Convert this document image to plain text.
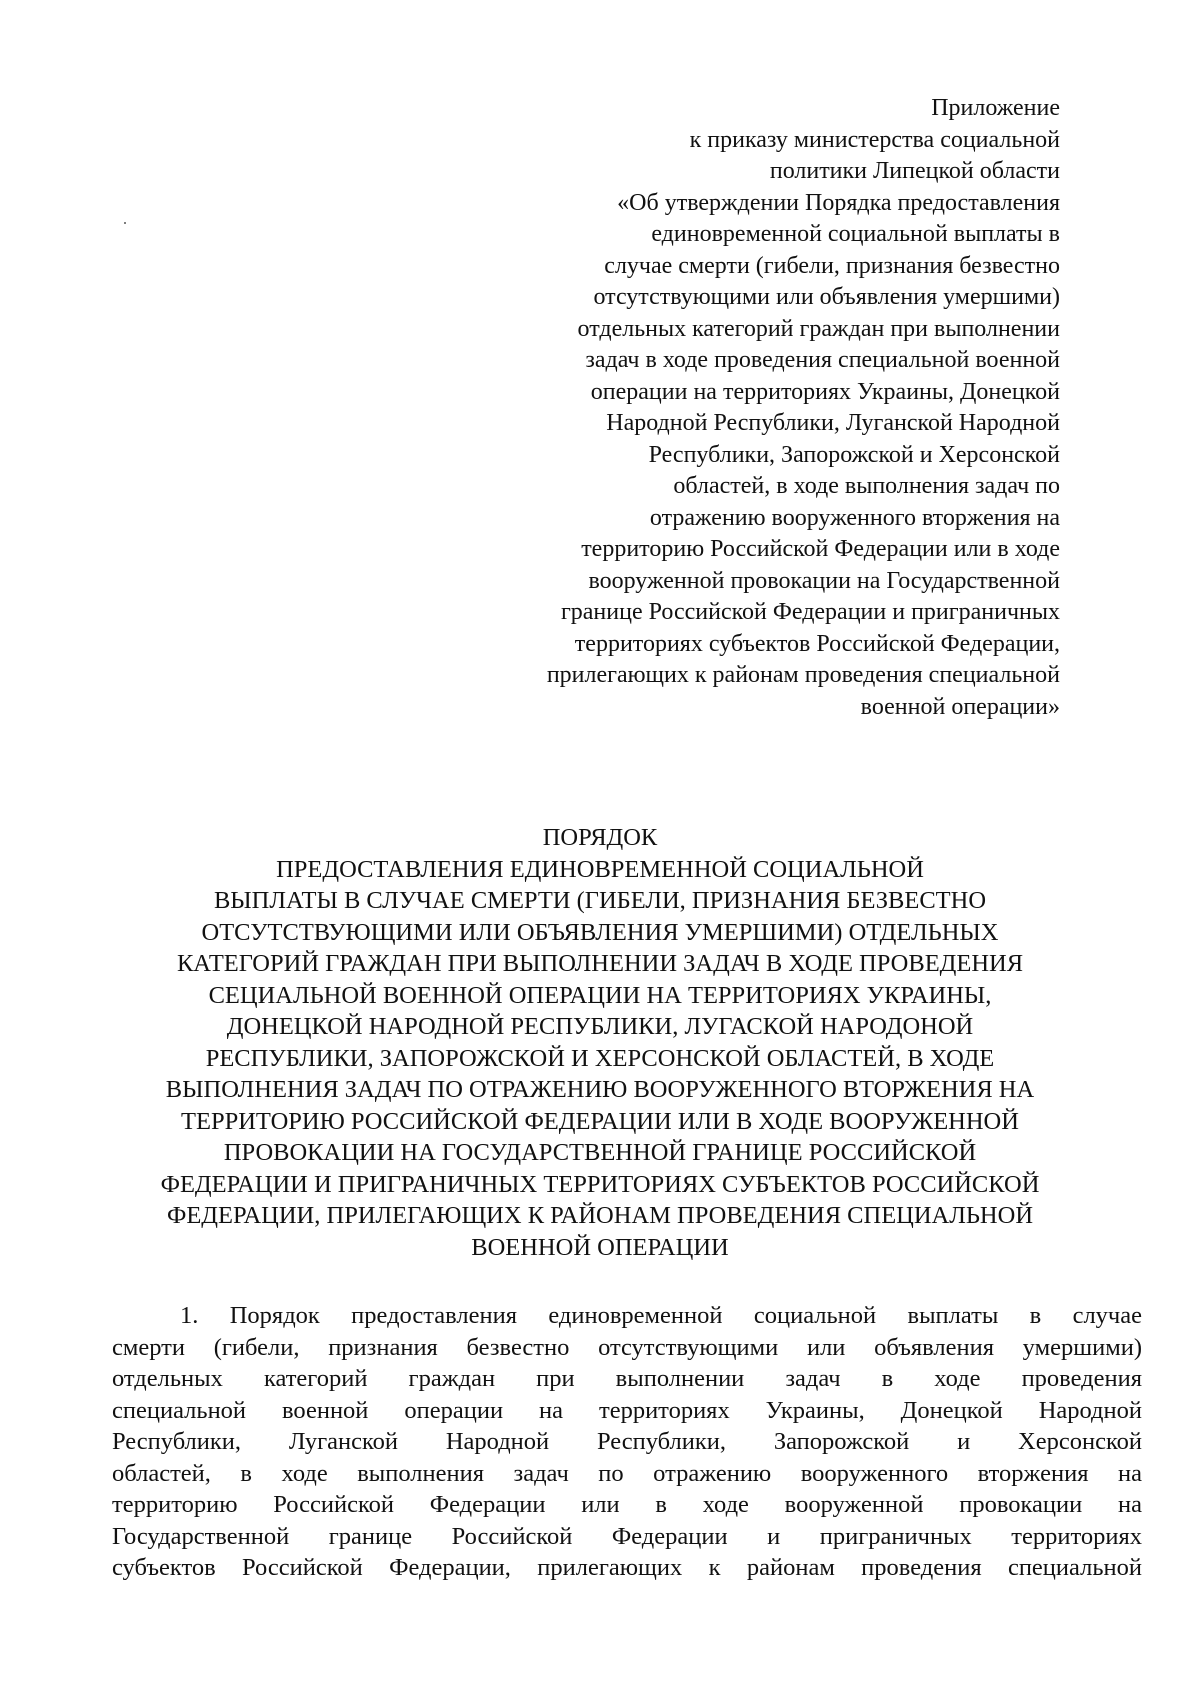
Приложение
к приказу министерства социальной
политики Липецкой области
«Об утверждении Порядка предоставления
единовременной социальной выплаты в
случае смерти (гибели, признания безвестно
отсутствующими или объявления умершими)
отдельных категорий граждан при выполнении
задач в ходе проведения специальной военной
операции на территориях Украины, Донецкой
Народной Республики, Луганской Народной
Республики, Запорожской и Херсонской
областей, в ходе выполнения задач по
отражению вооруженного вторжения на
территорию Российской Федерации или в ходе
вооруженной провокации на Государственной
границе Российской Федерации и приграничных
территориях субъектов Российской Федерации,
прилегающих к районам проведения специальной
военной операции»
ПОРЯДОК
ПРЕДОСТАВЛЕНИЯ ЕДИНОВРЕМЕННОЙ СОЦИАЛЬНОЙ
ВЫПЛАТЫ В СЛУЧАЕ СМЕРТИ (ГИБЕЛИ, ПРИЗНАНИЯ БЕЗВЕСТНО
ОТСУТСТВУЮЩИМИ ИЛИ ОБЪЯВЛЕНИЯ УМЕРШИМИ) ОТДЕЛЬНЫХ
КАТЕГОРИЙ ГРАЖДАН ПРИ ВЫПОЛНЕНИИ ЗАДАЧ В ХОДЕ ПРОВЕДЕНИЯ
СЕЦИАЛЬНОЙ ВОЕННОЙ ОПЕРАЦИИ НА ТЕРРИТОРИЯХ УКРАИНЫ,
ДОНЕЦКОЙ НАРОДНОЙ РЕСПУБЛИКИ, ЛУГАСКОЙ НАРОДОНОЙ
РЕСПУБЛИКИ, ЗАПОРОЖСКОЙ И ХЕРСОНСКОЙ ОБЛАСТЕЙ, В ХОДЕ
ВЫПОЛНЕНИЯ ЗАДАЧ ПО ОТРАЖЕНИЮ ВООРУЖЕННОГО ВТОРЖЕНИЯ НА
ТЕРРИТОРИЮ РОССИЙСКОЙ ФЕДЕРАЦИИ ИЛИ В ХОДЕ ВООРУЖЕННОЙ
ПРОВОКАЦИИ НА ГОСУДАРСТВЕННОЙ ГРАНИЦЕ РОССИЙСКОЙ
ФЕДЕРАЦИИ И ПРИГРАНИЧНЫХ ТЕРРИТОРИЯХ СУБЪЕКТОВ РОССИЙСКОЙ
ФЕДЕРАЦИИ, ПРИЛЕГАЮЩИХ К РАЙОНАМ ПРОВЕДЕНИЯ СПЕЦИАЛЬНОЙ
ВОЕННОЙ ОПЕРАЦИИ
1. Порядок предоставления единовременной социальной выплаты в случае
смерти (гибели, признания безвестно отсутствующими или объявления умершими)
отдельных категорий граждан при выполнении задач в ходе проведения
специальной военной операции на территориях Украины, Донецкой Народной
Республики, Луганской Народной Республики, Запорожской и Херсонской
областей, в ходе выполнения задач по отражению вооруженного вторжения на
территорию Российской Федерации или в ходе вооруженной провокации на
Государственной границе Российской Федерации и приграничных территориях
субъектов Российской Федерации, прилегающих к районам проведения специальной
